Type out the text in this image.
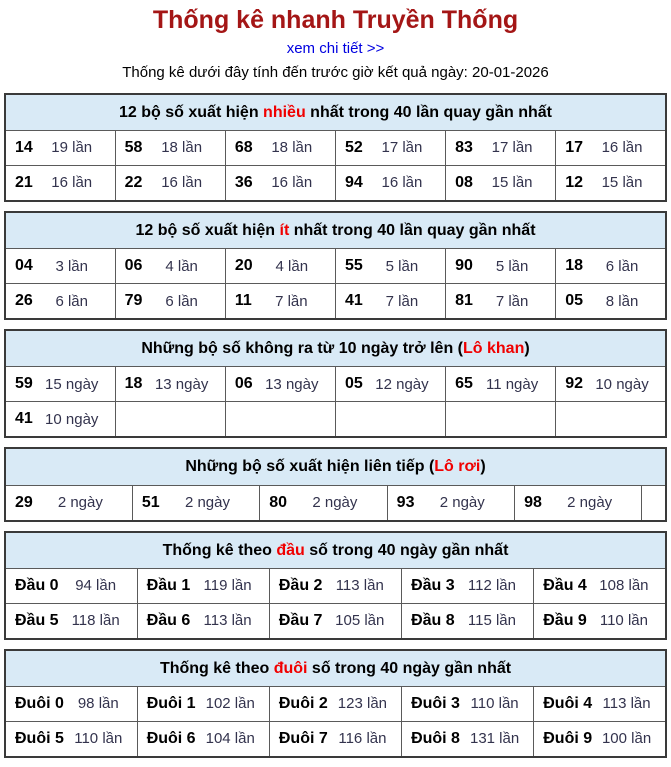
Thống kê nhanh Truyền Thống
xem chi tiết >>
Thống kê dưới đây tính đến trước giờ kết quả ngày: 20-01-2026
12 bộ số xuất hiện nhiều nhất trong 40 lần quay gần nhất					

14 19 lần	58 18 lần	68 18 lần	52 17 lần	83 17 lần	17 16 lần

21 16 lần	22 16 lần	36 16 lần	94 16 lần	08 15 lần	12 15 lần
12 bộ số xuất hiện ít nhất trong 40 lần quay gần nhất					

04 3 lần	06 4 lần	20 4 lần	55 5 lần	90 5 lần	18 6 lần

26 6 lần	79 6 lần	11 7 lần	41 7 lần	81 7 lần	05 8 lần
Những bộ số không ra từ 10 ngày trở lên (Lô khan)					

59 15 ngày	18 13 ngày	06 13 ngày	05 12 ngày	65 11 ngày	92 10 ngày

41 10 ngày					

Những bộ số xuất hiện liên tiếp (Lô rơi)

29	2 ngày	51	2 ngày	80	2 ngày	93	2 ngày	98	2 ngày

Thống kê theo đầu số trong 40 ngày gần nhất				

Đầu 0 94 lần	Đầu 1 119 lần	Đầu 2 113 lần	Đầu 3 112 lần	Đầu 4 108 lần

Đầu 5 118 lần	Đầu 6 113 lần	Đầu 7 105 lần	Đầu 8 115 lần	Đầu 9 110 lần
Thống kê theo đuôi số trong 40 ngày gần nhất				

Đuôi 0 98 lần	Đuôi 1 102 lần	Đuôi 2 123 lần	Đuôi 3 110 lần	Đuôi 4 113 lần

Đuôi 5 110 lần	Đuôi 6 104 lần	Đuôi 7 116 lần	Đuôi 8 131 lần	Đuôi 9 100 lần
